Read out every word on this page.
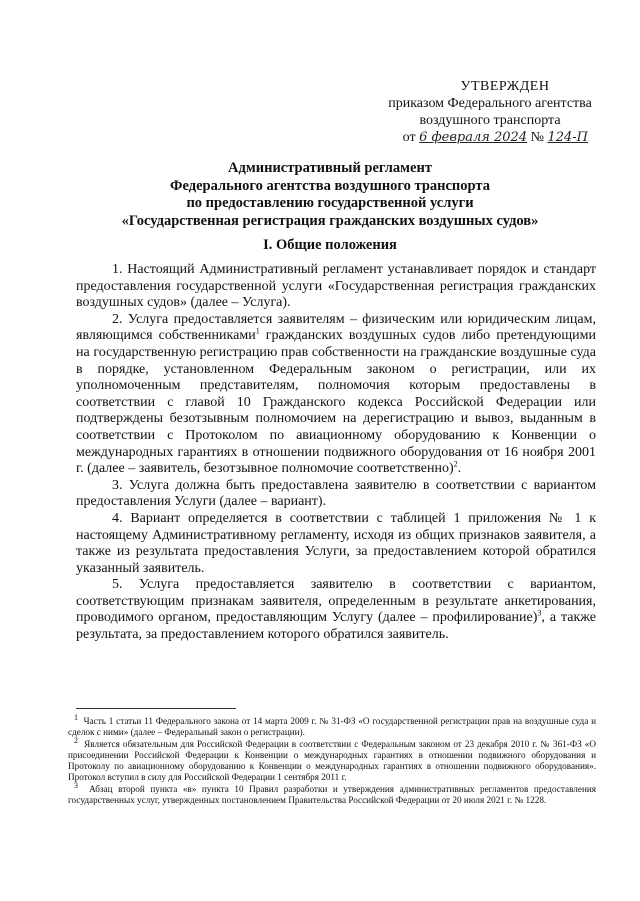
УТВЕРЖДЕН
приказом Федерального агентства
воздушного транспорта
от 6 февраля 2024 № 124-П
Административный регламент
Федерального агентства воздушного транспорта
по предоставлению государственной услуги
«Государственная регистрация гражданских воздушных судов»
I. Общие положения

1. Настоящий Административный регламент устанавливает порядок и стандарт предоставления государственной услуги «Государственная регистрация гражданских воздушных судов» (далее – Услуга).

2. Услуга предоставляется заявителям – физическим или юридическим лицам, являющимся собственниками$^1$ гражданских воздушных судов либо претендующими на государственную регистрацию прав собственности на гражданские воздушные суда в порядке, установленном Федеральным законом о регистрации, или их уполномоченным представителям, полномочия которым предоставлены в соответствии с главой 10 Гражданского кодекса Российской Федерации или подтверждены безотзывным полномочием на дерегистрацию и вывоз, выданным в соответствии с Протоколом по авиационному оборудованию к Конвенции о международных гарантиях в отношении подвижного оборудования от 16 ноября 2001 г. (далее – заявитель, безотзывное полномочие соответственно)$^2$.

3. Услуга должна быть предоставлена заявителю в соответствии с вариантом предоставления Услуги (далее – вариант).

4. Вариант определяется в соответствии с таблицей 1 приложения № 1 к настоящему Административному регламенту, исходя из общих признаков заявителя, а также из результата предоставления Услуги, за предоставлением которой обратился указанный заявитель.

5. Услуга предоставляется заявителю в соответствии с вариантом, соответствующим признакам заявителя, определенным в результате анкетирования, проводимого органом, предоставляющим Услугу (далее – профилирование)$^3$, а также результата, за предоставлением которого обратился заявитель.

$^1$ Часть 1 статьи 11 Федерального закона от 14 марта 2009 г. № 31-ФЗ «О государственной регистрации прав на воздушные суда и сделок с ними» (далее – Федеральный закон о регистрации).

$^2$ Является обязательным для Российской Федерации в соответствии с Федеральным законом от 23 декабря 2010 г. № 361-ФЗ «О присоединении Российской Федерации к Конвенции о международных гарантиях в отношении подвижного оборудования и Протоколу по авиационному оборудованию к Конвенции о международных гарантиях в отношении подвижного оборудования». Протокол вступил в силу для Российской Федерации 1 сентября 2011 г.

$^3$ Абзац второй пункта «в» пункта 10 Правил разработки и утверждения административных регламентов предоставления государственных услуг, утвержденных постановлением Правительства Российской Федерации от 20 июля 2021 г. № 1228.
